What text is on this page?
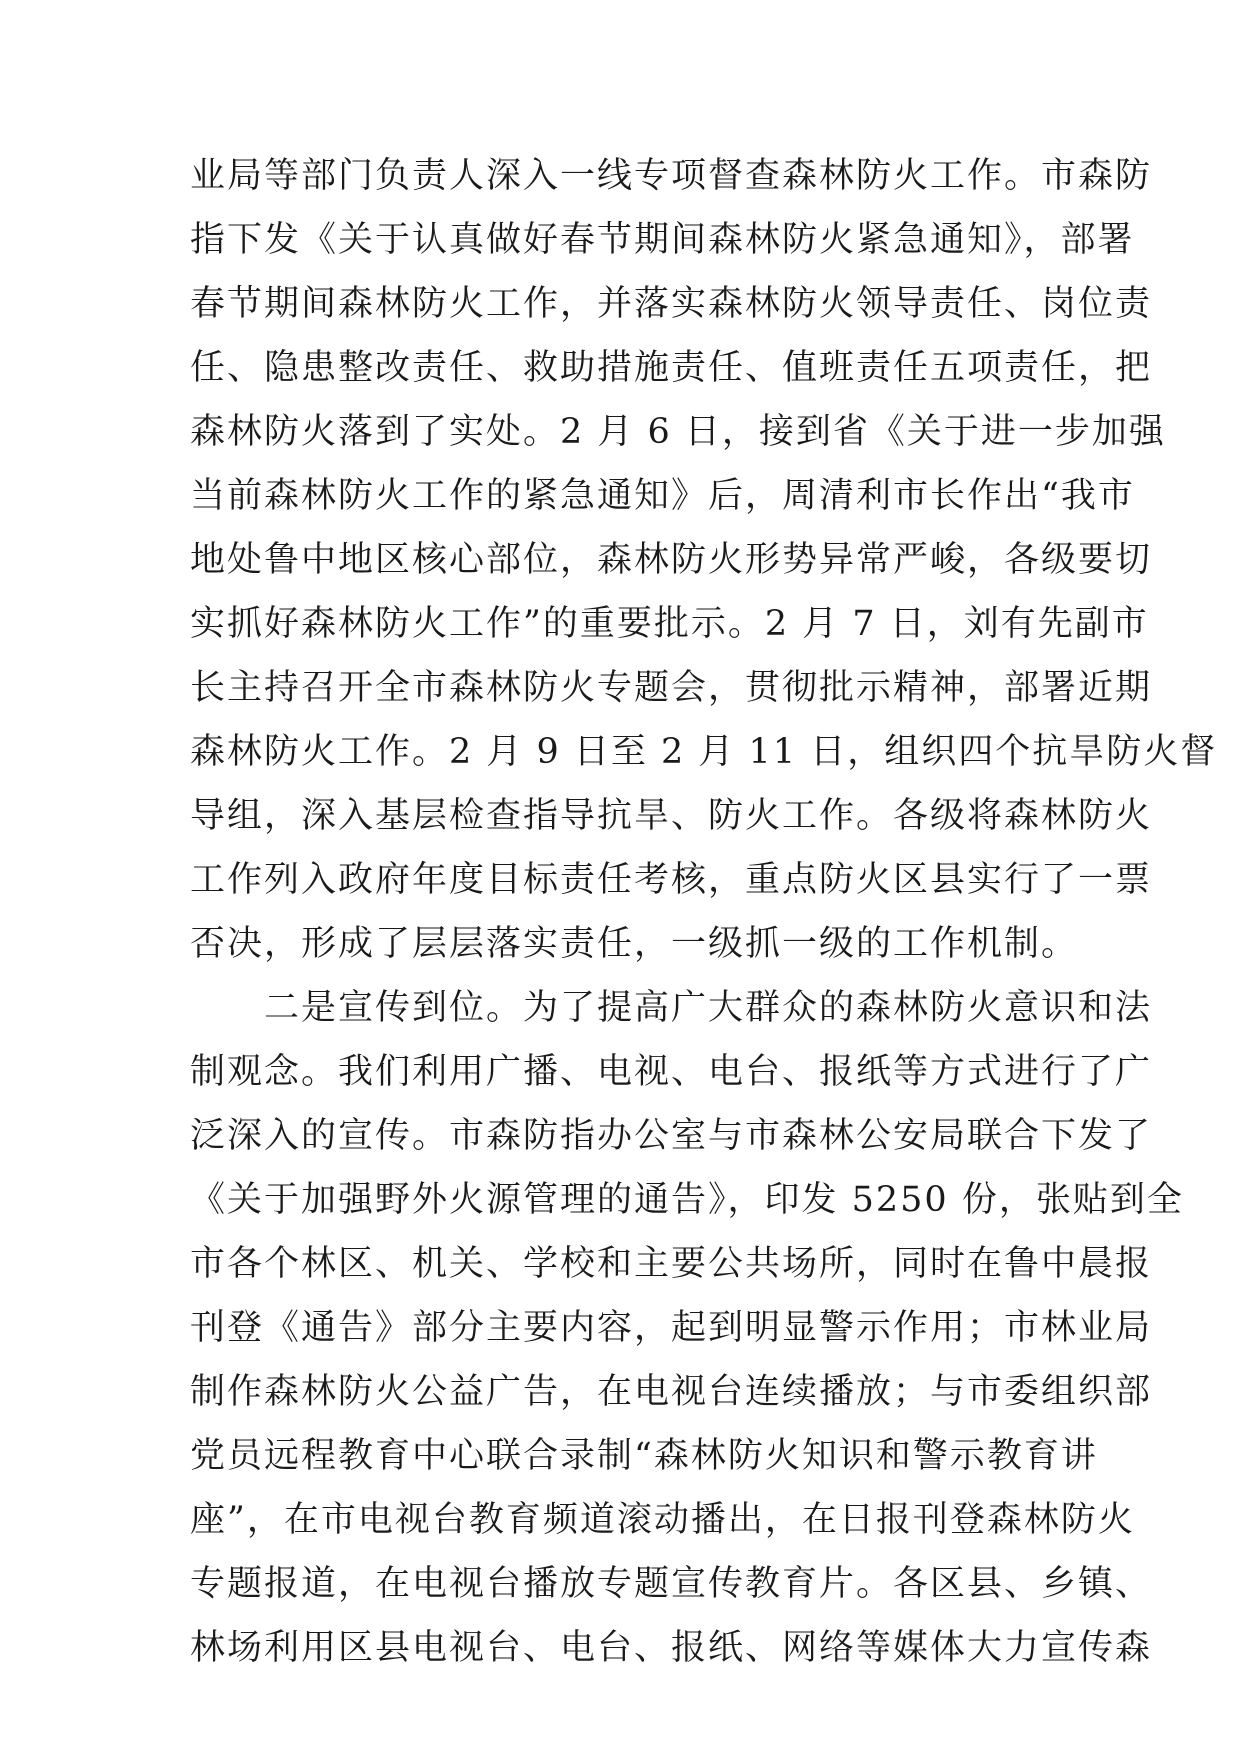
业局等部门负责人深入一线专项督查森林防火工作。市森防
指下发《关于认真做好春节期间森林防火紧急通知》，部署
春节期间森林防火工作，并落实森林防火领导责任、岗位责
任、隐患整改责任、救助措施责任、值班责任五项责任，把
森林防火落到了实处。2 月 6 日，接到省《关于进一步加强
当前森林防火工作的紧急通知》后，周清利市长作出“我市
地处鲁中地区核心部位，森林防火形势异常严峻，各级要切
实抓好森林防火工作”的重要批示。2 月 7 日，刘有先副市
长主持召开全市森林防火专题会，贯彻批示精神，部署近期
森林防火工作。2 月 9 日至 2 月 11 日，组织四个抗旱防火督
导组，深入基层检查指导抗旱、防火工作。各级将森林防火
工作列入政府年度目标责任考核，重点防火区县实行了一票
否决，形成了层层落实责任，一级抓一级的工作机制。
　　二是宣传到位。为了提高广大群众的森林防火意识和法
制观念。我们利用广播、电视、电台、报纸等方式进行了广
泛深入的宣传。市森防指办公室与市森林公安局联合下发了
《关于加强野外火源管理的通告》，印发 5250 份，张贴到全
市各个林区、机关、学校和主要公共场所，同时在鲁中晨报
刊登《通告》部分主要内容，起到明显警示作用；市林业局
制作森林防火公益广告，在电视台连续播放；与市委组织部
党员远程教育中心联合录制“森林防火知识和警示教育讲
座”，在市电视台教育频道滚动播出，在日报刊登森林防火
专题报道，在电视台播放专题宣传教育片。各区县、乡镇、
林场利用区县电视台、电台、报纸、网络等媒体大力宣传森
